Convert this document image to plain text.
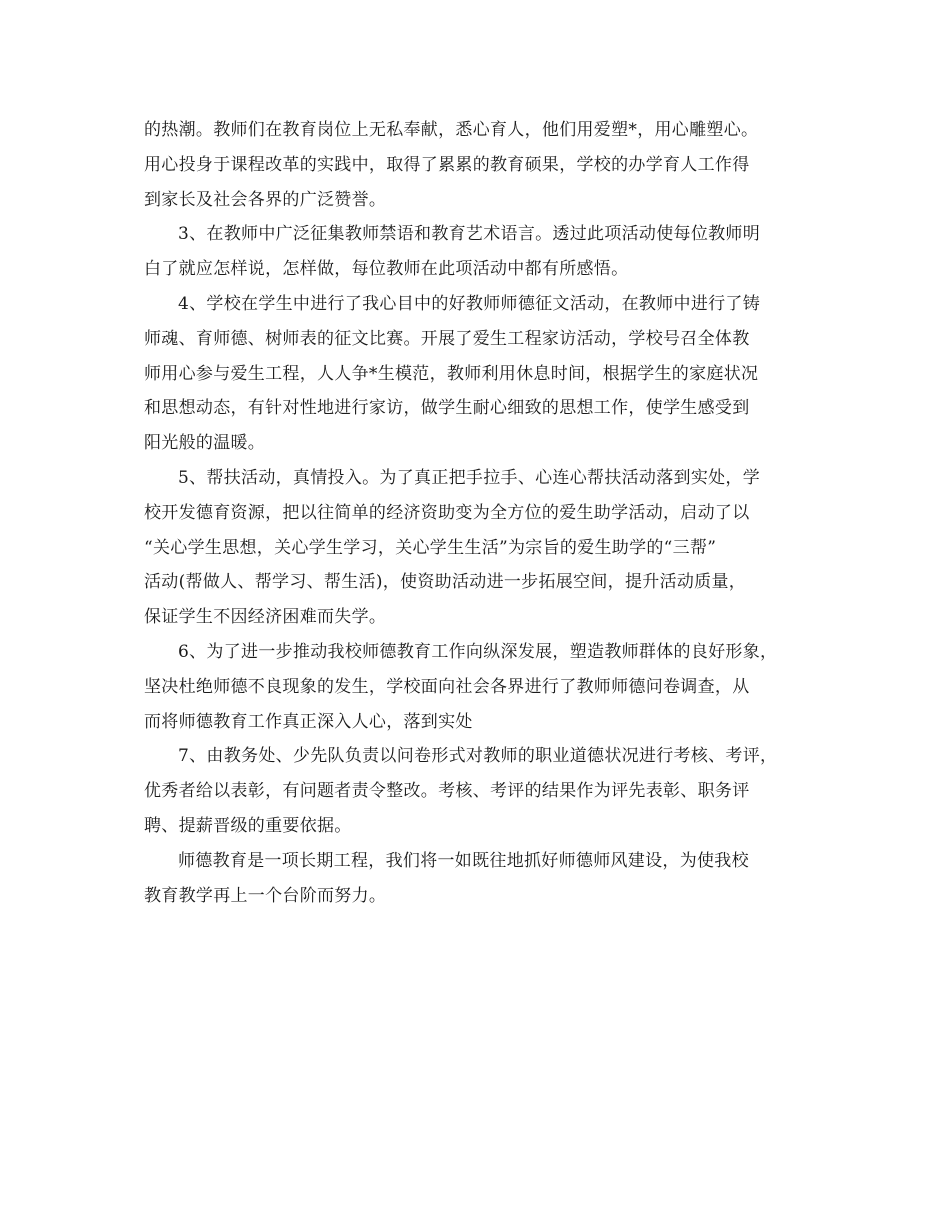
的热潮。教师们在教育岗位上无私奉献，悉心育人，他们用爱塑*，用心雕塑心。
用心投身于课程改革的实践中，取得了累累的教育硕果，学校的办学育人工作得
到家长及社会各界的广泛赞誉。
3、在教师中广泛征集教师禁语和教育艺术语言。透过此项活动使每位教师明
白了就应怎样说，怎样做，每位教师在此项活动中都有所感悟。
4、学校在学生中进行了我心目中的好教师师德征文活动，在教师中进行了铸
师魂、育师德、树师表的征文比赛。开展了爱生工程家访活动，学校号召全体教
师用心参与爱生工程，人人争*生模范，教师利用休息时间，根据学生的家庭状况
和思想动态，有针对性地进行家访，做学生耐心细致的思想工作，使学生感受到
阳光般的温暖。
5、帮扶活动，真情投入。为了真正把手拉手、心连心帮扶活动落到实处，学
校开发德育资源，把以往简单的经济资助变为全方位的爱生助学活动，启动了以
“关心学生思想，关心学生学习，关心学生生活”为宗旨的爱生助学的“三帮”
活动(帮做人、帮学习、帮生活)，使资助活动进一步拓展空间，提升活动质量，
保证学生不因经济困难而失学。
6、为了进一步推动我校师德教育工作向纵深发展，塑造教师群体的良好形象，
坚决杜绝师德不良现象的发生，学校面向社会各界进行了教师师德问卷调查，从
而将师德教育工作真正深入人心，落到实处
7、由教务处、少先队负责以问卷形式对教师的职业道德状况进行考核、考评，
优秀者给以表彰，有问题者责令整改。考核、考评的结果作为评先表彰、职务评
聘、提薪晋级的重要依据。
师德教育是一项长期工程，我们将一如既往地抓好师德师风建设，为使我校
教育教学再上一个台阶而努力。
